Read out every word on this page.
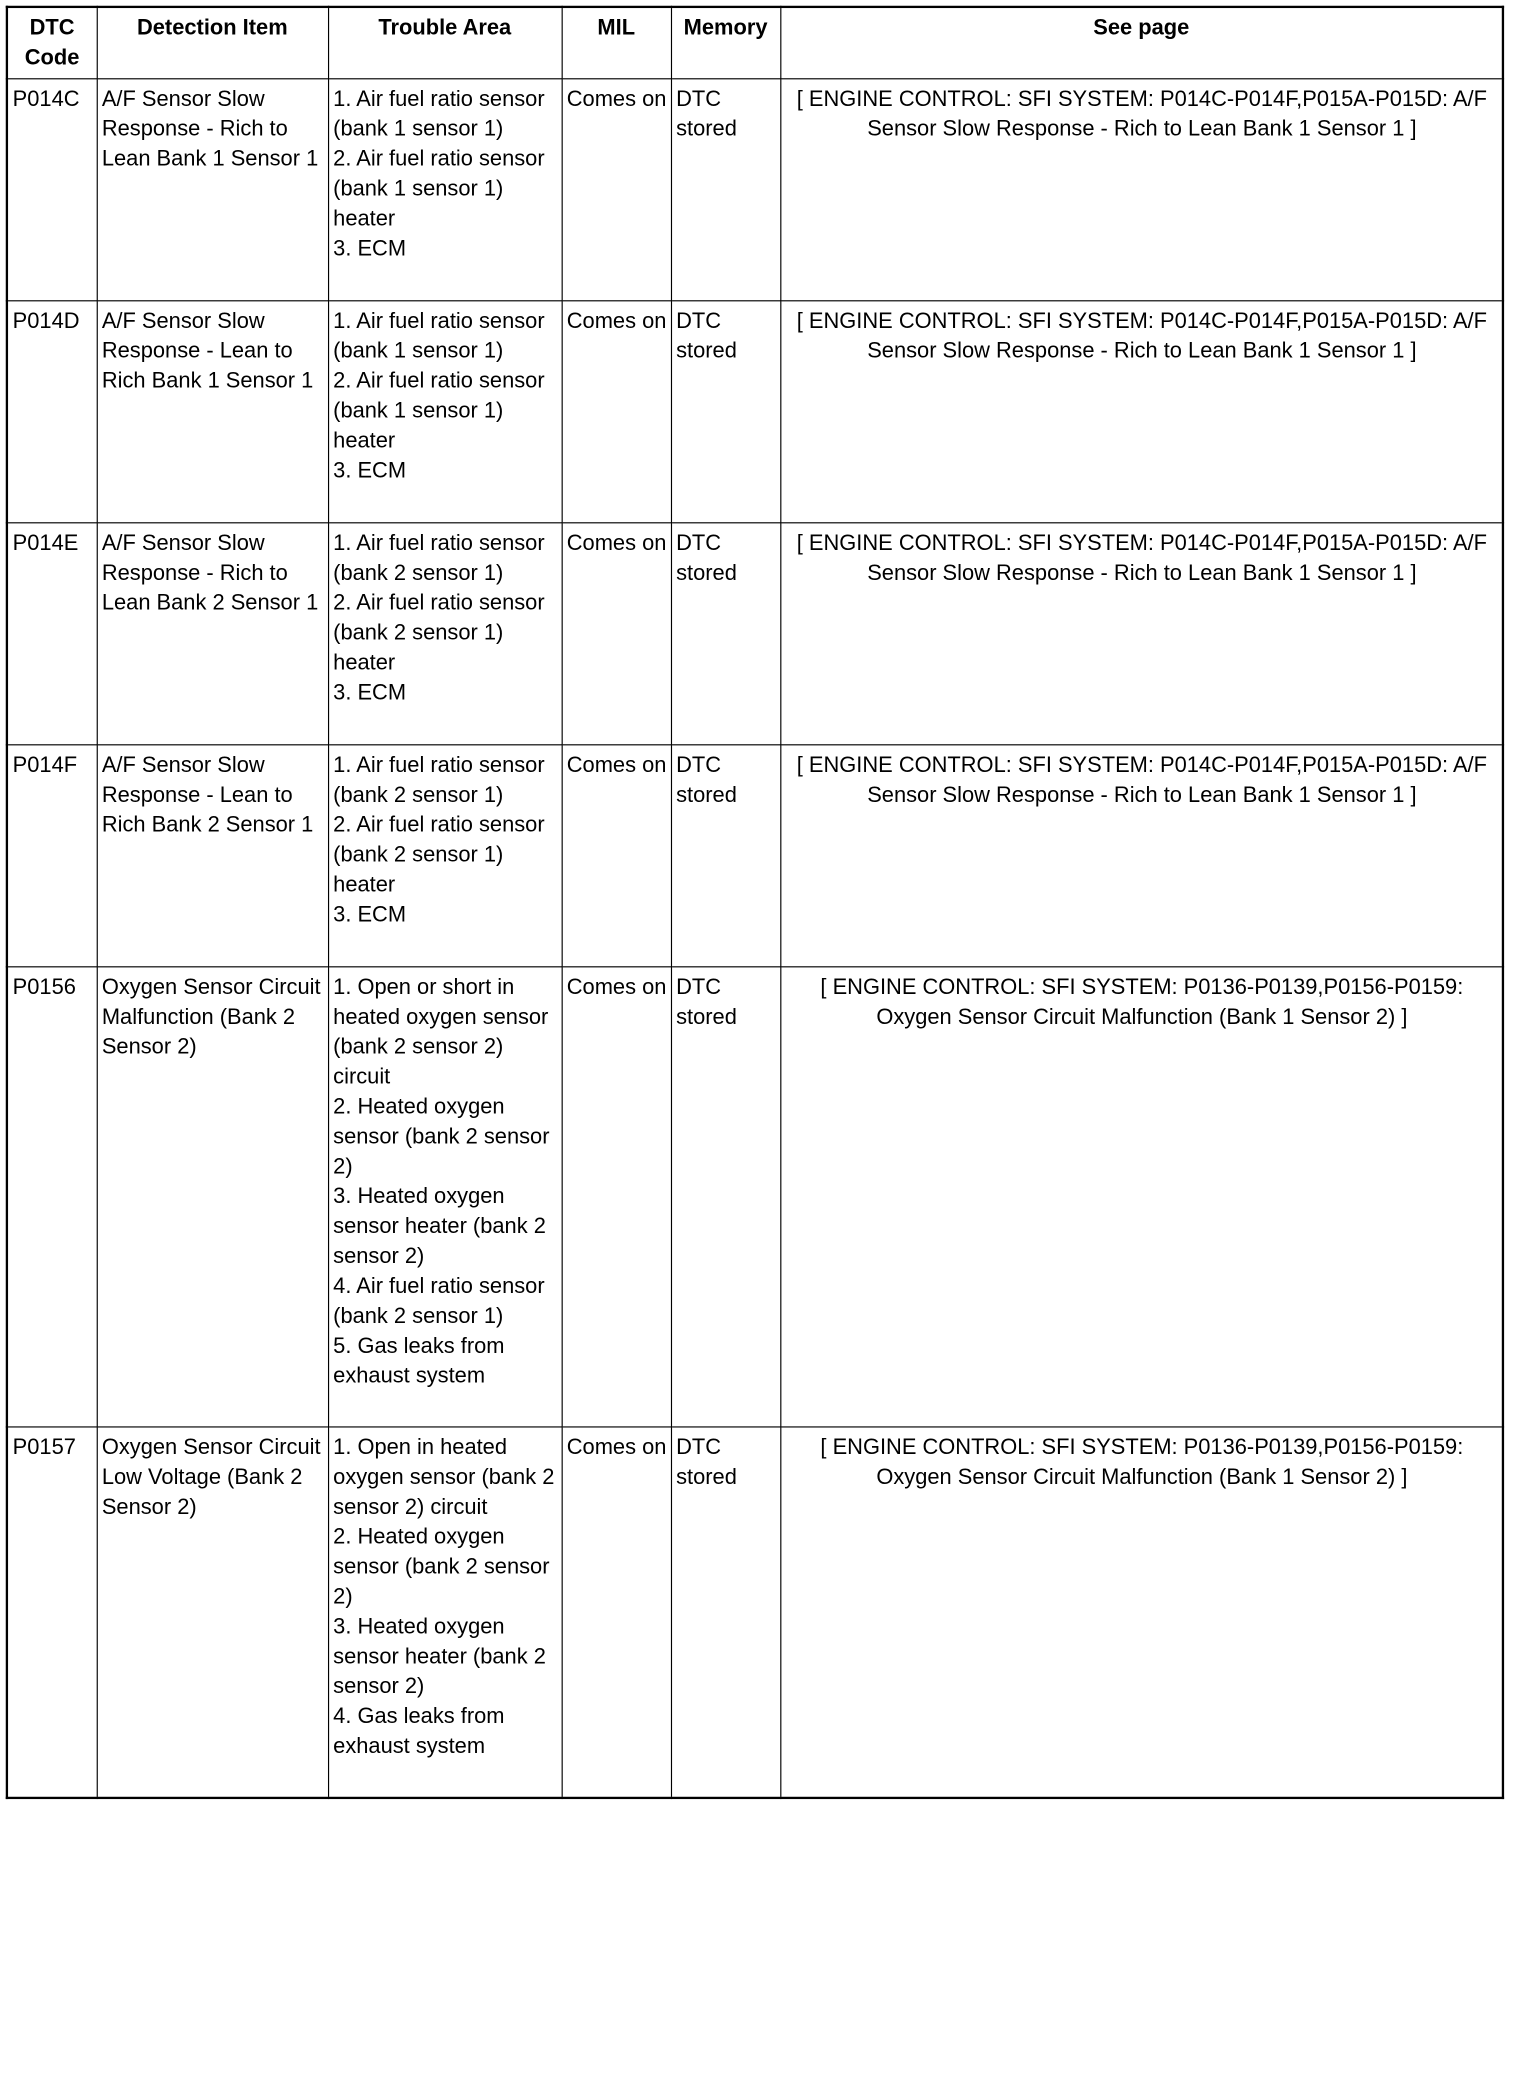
DTC Code	Detection Item	Trouble Area	MIL	Memory	See page
P014C	A/F Sensor Slow Response - Rich to Lean Bank 1 Sensor 1	1. Air fuel ratio sensor (bank 1 sensor 1)
2. Air fuel ratio sensor (bank 1 sensor 1) heater
3. ECM	Comes on	DTC stored	[ ENGINE CONTROL: SFI SYSTEM: P014C-P014F,P015A-P015D: A/F Sensor Slow Response - Rich to Lean Bank 1 Sensor 1 ]
P014D	A/F Sensor Slow Response - Lean to Rich Bank 1 Sensor 1	1. Air fuel ratio sensor (bank 1 sensor 1)
2. Air fuel ratio sensor (bank 1 sensor 1) heater
3. ECM	Comes on	DTC stored	[ ENGINE CONTROL: SFI SYSTEM: P014C-P014F,P015A-P015D: A/F Sensor Slow Response - Rich to Lean Bank 1 Sensor 1 ]
P014E	A/F Sensor Slow Response - Rich to Lean Bank 2 Sensor 1	1. Air fuel ratio sensor (bank 2 sensor 1)
2. Air fuel ratio sensor (bank 2 sensor 1) heater
3. ECM	Comes on	DTC stored	[ ENGINE CONTROL: SFI SYSTEM: P014C-P014F,P015A-P015D: A/F Sensor Slow Response - Rich to Lean Bank 1 Sensor 1 ]
P014F	A/F Sensor Slow Response - Lean to Rich Bank 2 Sensor 1	1. Air fuel ratio sensor (bank 2 sensor 1)
2. Air fuel ratio sensor (bank 2 sensor 1) heater
3. ECM	Comes on	DTC stored	[ ENGINE CONTROL: SFI SYSTEM: P014C-P014F,P015A-P015D: A/F Sensor Slow Response - Rich to Lean Bank 1 Sensor 1 ]
P0156	Oxygen Sensor Circuit Malfunction (Bank 2 Sensor 2)	1. Open or short in heated oxygen sensor (bank 2 sensor 2) circuit
2. Heated oxygen sensor (bank 2 sensor 2)
3. Heated oxygen sensor heater (bank 2 sensor 2)
4. Air fuel ratio sensor (bank 2 sensor 1)
5. Gas leaks from exhaust system	Comes on	DTC stored	[ ENGINE CONTROL: SFI SYSTEM: P0136-P0139,P0156-P0159: Oxygen Sensor Circuit Malfunction (Bank 1 Sensor 2) ]
P0157	Oxygen Sensor Circuit Low Voltage (Bank 2 Sensor 2)	1. Open in heated oxygen sensor (bank 2 sensor 2) circuit
2. Heated oxygen sensor (bank 2 sensor 2)
3. Heated oxygen sensor heater (bank 2 sensor 2)
4. Gas leaks from exhaust system	Comes on	DTC stored	[ ENGINE CONTROL: SFI SYSTEM: P0136-P0139,P0156-P0159: Oxygen Sensor Circuit Malfunction (Bank 1 Sensor 2) ]
